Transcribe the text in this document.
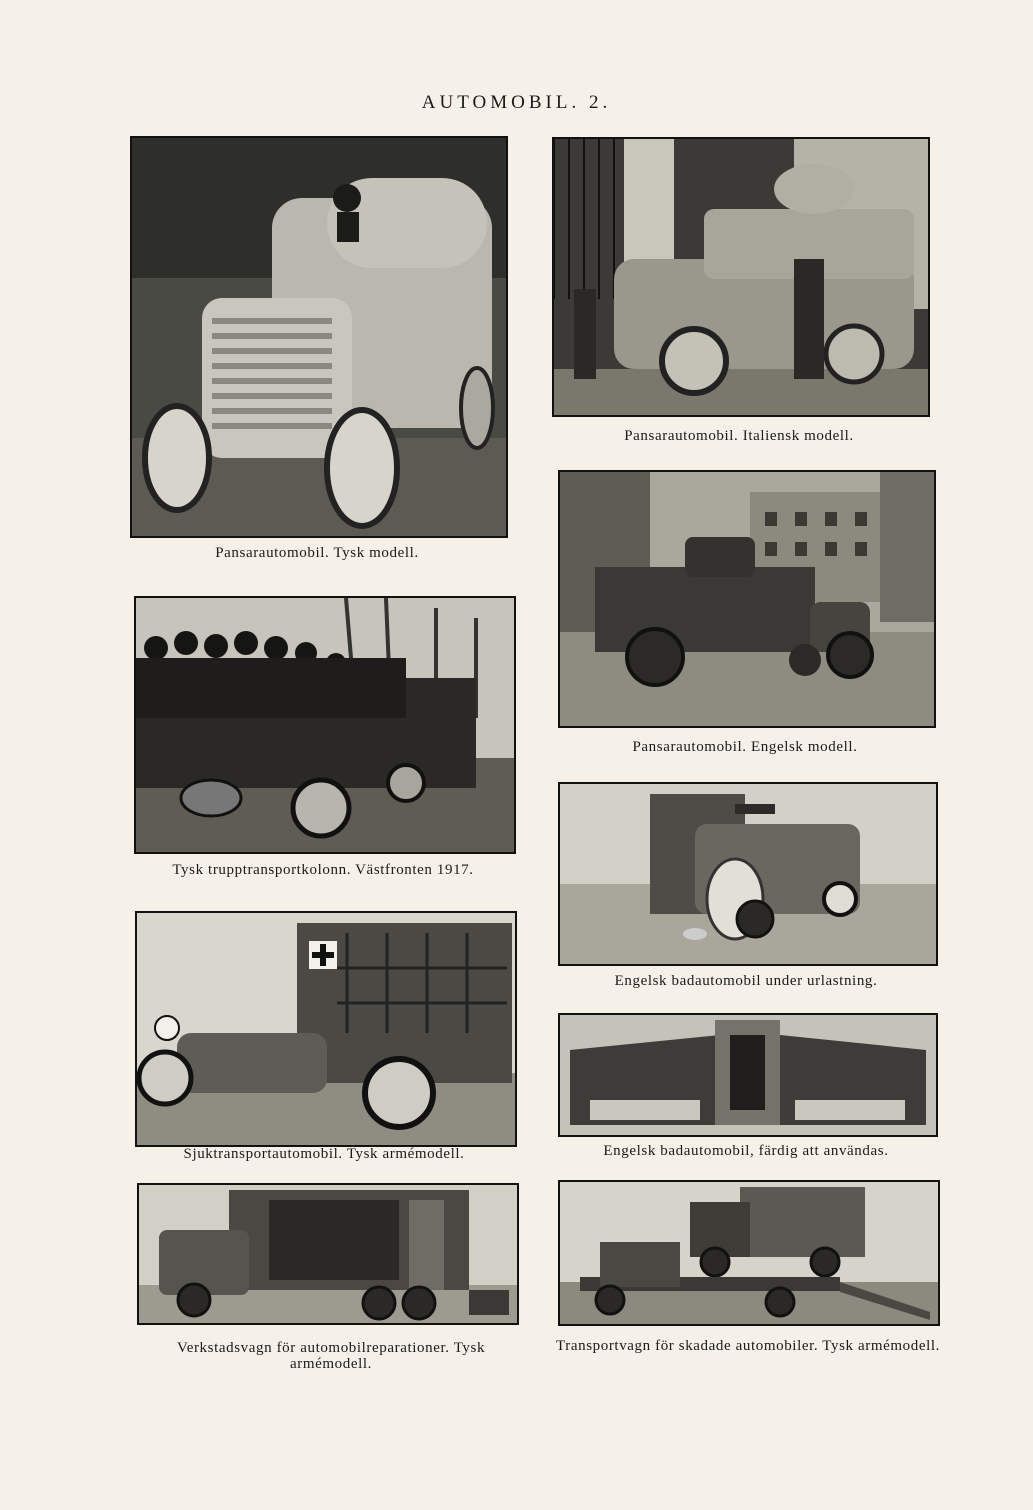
AUTOMOBIL. 2.
Pansarautomobil. Tysk modell.
Pansarautomobil. Italiensk modell.
Pansarautomobil. Engelsk modell.
Tysk trupptransportkolonn. Västfronten 1917.
Engelsk badautomobil under urlastning.
Sjuktransportautomobil. Tysk armémodell.	Engelsk badautomobil, färdig att användas.
Verkstadsvagn för automobilreparationer. Tysk armémodell.
Transportvagn för skadade automobiler. Tysk armémodell.
